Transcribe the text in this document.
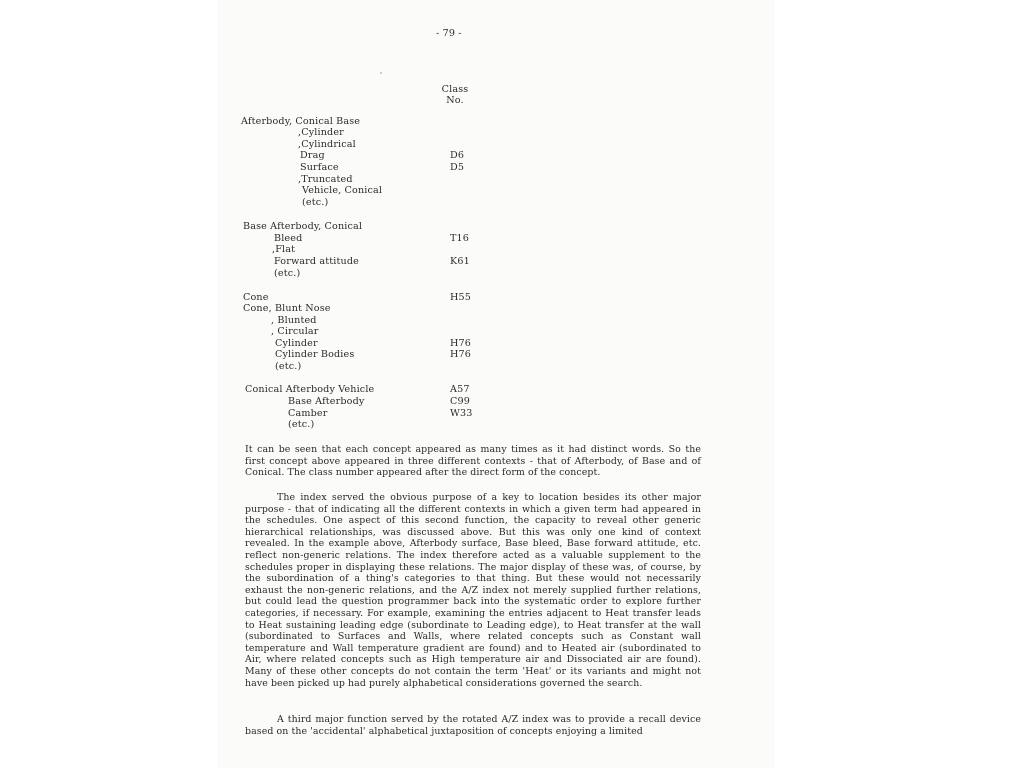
- 79 -
Class
No.
Afterbody, Conical Base
,Cylinder
,Cylindrical
Drag	D6
Surface	D5
,Truncated
Vehicle, Conical
(etc.)
Base Afterbody, Conical
Bleed	T16
,Flat
Forward attitude	K61
(etc.)
Cone	H55
Cone, Blunt Nose
, Blunted
, Circular
Cylinder	H76
Cylinder Bodies	H76
(etc.)
Conical Afterbody Vehicle	A57
Base Afterbody	C99
Camber	W33
(etc.)

It can be seen that each concept appeared as many times as it had distinct words. So the first concept above appeared in three different contexts - that of Afterbody, of Base and of Conical. The class number appeared after the direct form of the concept.

The index served the obvious purpose of a key to location besides its other major purpose - that of indicating all the different contexts in which a given term had appeared in the schedules. One aspect of this second function, the capacity to reveal other generic hierarchical relationships, was discussed above. But this was only one kind of context revealed. In the example above, Afterbody surface, Base bleed, Base forward attitude, etc. reflect non-generic relations. The index therefore acted as a valuable supplement to the schedules proper in displaying these relations. The major display of these was, of course, by the subordination of a thing's categories to that thing. But these would not necessarily exhaust the non-generic relations, and the A/Z index not merely supplied further relations, but could lead the question programmer back into the systematic order to explore further categories, if necessary. For example, examining the entries adjacent to Heat transfer leads to Heat sustaining leading edge (subordinate to Leading edge), to Heat transfer at the wall (subordinated to Surfaces and Walls, where related concepts such as Constant wall temperature and Wall temperature gradient are found) and to Heated air (subordinated to Air, where related concepts such as High temperature air and Dissociated air are found). Many of these other concepts do not contain the term 'Heat' or its variants and might not have been picked up had purely alphabetical considerations governed the search.

A third major function served by the rotated A/Z index was to provide a recall device based on the 'accidental' alphabetical juxtaposition of concepts enjoying a limited
